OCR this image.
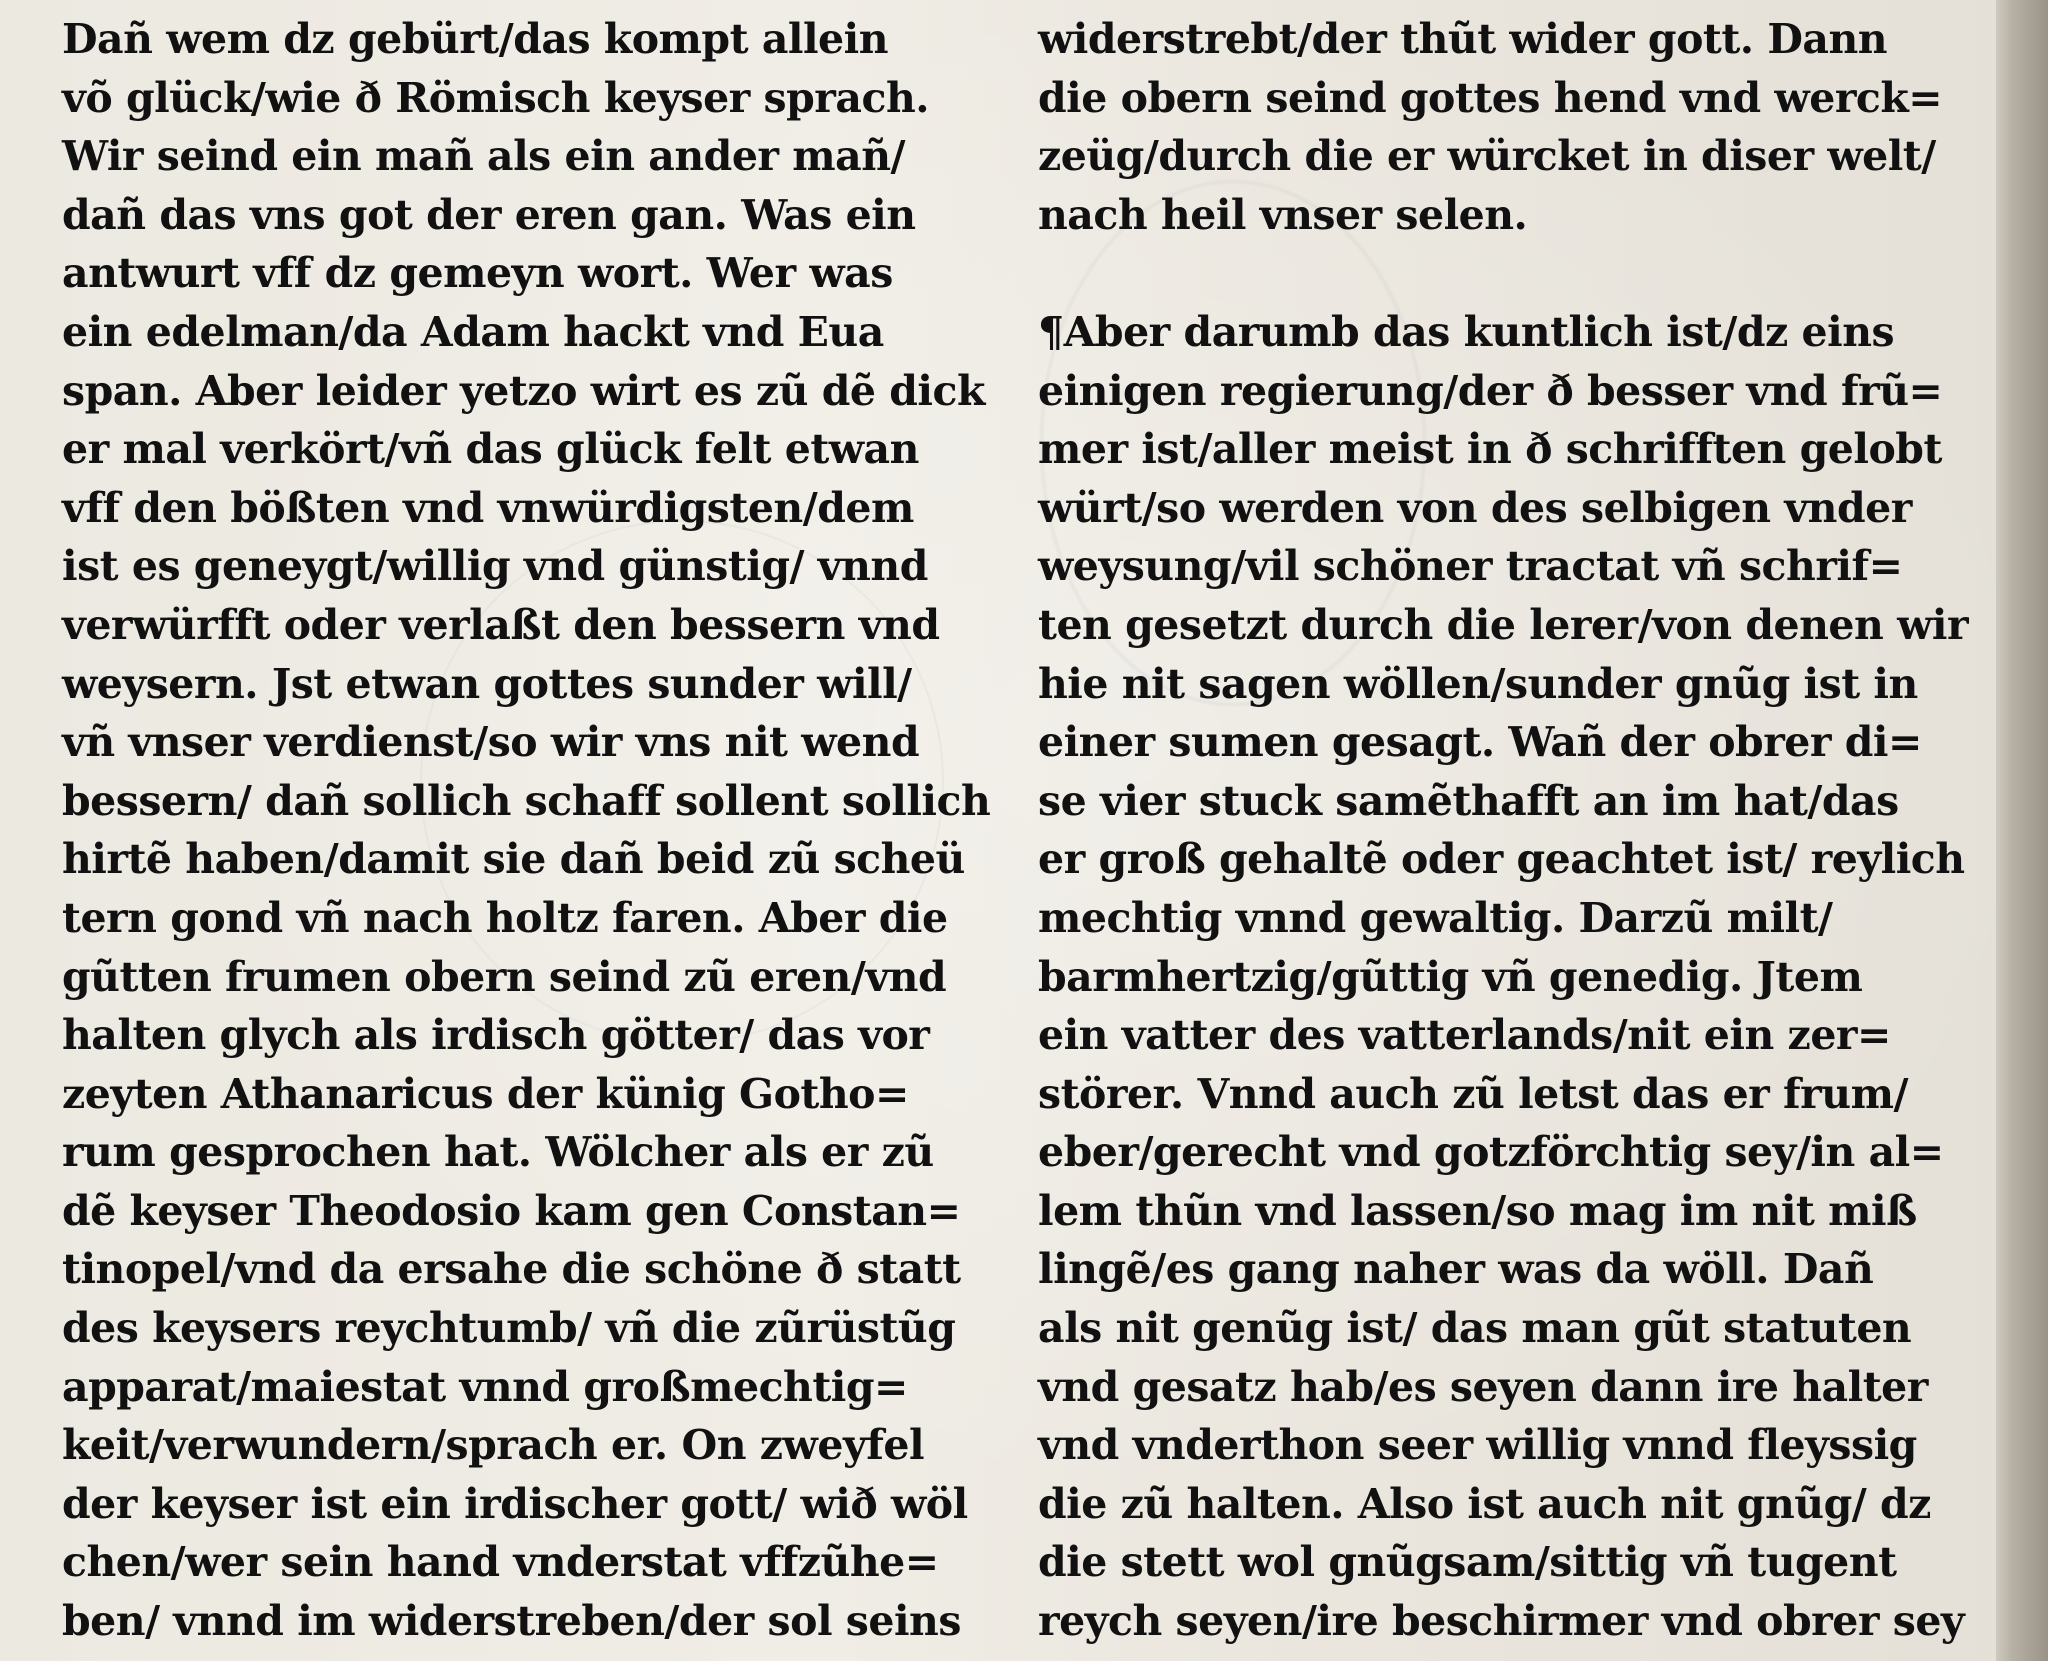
Dañ wem dz gebürt/das kompt allein
võ glück/wie ð Römisch keyser sprach.
Wir seind ein mañ als ein ander mañ/
dañ das vns got der eren gan. Was ein
antwurt vff dz gemeyn wort. Wer was
ein edelman/da Adam hackt vnd Eua
span. Aber leider yetzo wirt es zũ dẽ dick
er mal verkört/vñ das glück felt etwan
vff den bößten vnd vnwürdigsten/dem
ist es geneygt/willig vnd günstig/ vnnd
verwürfft oder verlaßt den bessern vnd
weysern. Jst etwan gottes sunder will/
vñ vnser verdienst/so wir vns nit wend
bessern/ dañ sollich schaff sollent sollich
hirtẽ haben/damit sie dañ beid zũ scheü
tern gond vñ nach holtz faren. Aber die
gũtten frumen obern seind zũ eren/vnd
halten glych als irdisch götter/ das vor
zeyten Athanaricus der künig Gotho=
rum gesprochen hat. Wölcher als er zũ
dẽ keyser Theodosio kam gen Constan=
tinopel/vnd da ersahe die schöne ð statt
des keysers reychtumb/ vñ die zũrüstũg
apparat/maiestat vnnd großmechtig=
keit/verwundern/sprach er. On zweyfel
der keyser ist ein irdischer gott/ wið wöl
chen/wer sein hand vnderstat vffzũhe=
ben/ vnnd im widerstreben/der sol seins
widerstrebt/der thũt wider gott. Dann
die obern seind gottes hend vnd werck=
zeüg/durch die er würcket in diser welt/
nach heil vnser selen.
¶Aber darumb das kuntlich ist/dz eins
einigen regierung/der ð besser vnd frũ=
mer ist/aller meist in ð schrifften gelobt
würt/so werden von des selbigen vnder
weysung/vil schöner tractat vñ schrif=
ten gesetzt durch die lerer/von denen wir
hie nit sagen wöllen/sunder gnũg ist in
einer sumen gesagt. Wañ der obrer di=
se vier stuck samẽthafft an im hat/das
er groß gehaltẽ oder geachtet ist/ reylich
mechtig vnnd gewaltig. Darzũ milt/
barmhertzig/gũttig vñ genedig. Jtem
ein vatter des vatterlands/nit ein zer=
störer. Vnnd auch zũ letst das er frum/
eber/gerecht vnd gotzförchtig sey/in al=
lem thũn vnd lassen/so mag im nit miß
lingẽ/es gang naher was da wöll. Dañ
als nit genũg ist/ das man gũt statuten
vnd gesatz hab/es seyen dann ire halter
vnd vnderthon seer willig vnnd fleyssig
die zũ halten. Also ist auch nit gnũg/ dz
die stett wol gnũgsam/sittig vñ tugent
reych seyen/ire beschirmer vnd obrer sey
